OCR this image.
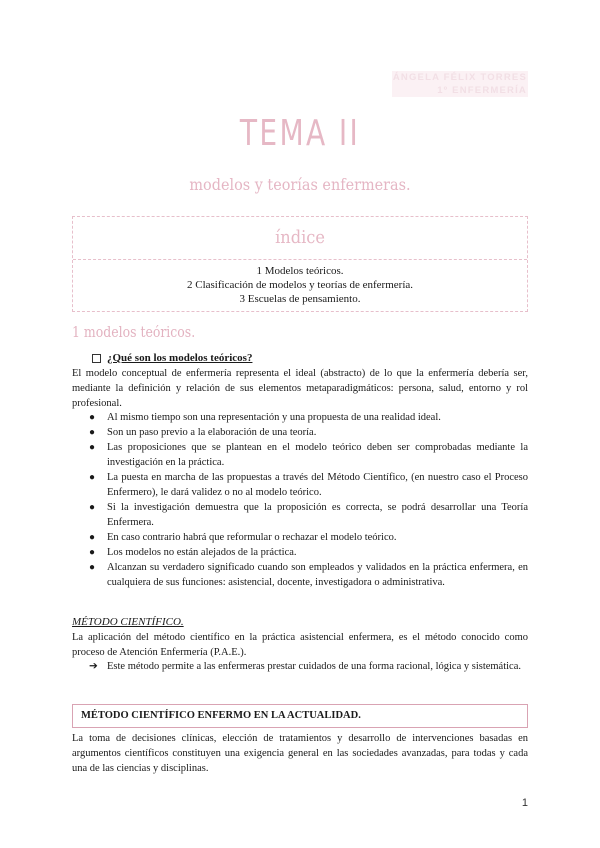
ÁNGELA FÉLIX TORRES
1º ENFERMERÍA
TEMA II
modelos y teorías enfermeras.
índice
1 Modelos teóricos.
2 Clasificación de modelos y teorías de enfermería.
3 Escuelas de pensamiento.
1 modelos teóricos.
¿Qué son los modelos teóricos?
El modelo conceptual de enfermería representa el ideal (abstracto) de lo que la enfermería debería ser, mediante la definición y relación de sus elementos metaparadigmáticos: persona, salud, entorno y rol profesional.
● Al mismo tiempo son una representación y una propuesta de una realidad ideal.
● Son un paso previo a la elaboración de una teoría.
● Las proposiciones que se plantean en el modelo teórico deben ser comprobadas mediante la investigación en la práctica.
● La puesta en marcha de las propuestas a través del Método Científico, (en nuestro caso el Proceso Enfermero), le dará validez o no al modelo teórico.
● Si la investigación demuestra que la proposición es correcta, se podrá desarrollar una Teoría Enfermera.
● En caso contrario habrá que reformular o rechazar el modelo teórico.
● Los modelos no están alejados de la práctica.
● Alcanzan su verdadero significado cuando son empleados y validados en la práctica enfermera, en cualquiera de sus funciones: asistencial, docente, investigadora o administrativa.
MÉTODO CIENTÍFICO.
La aplicación del método científico en la práctica asistencial enfermera, es el método conocido como proceso de Atención Enfermería (P.A.E.).
➔ Este método permite a las enfermeras prestar cuidados de una forma racional, lógica y sistemática.
MÉTODO CIENTÍFICO ENFERMO EN LA ACTUALIDAD.
La toma de decisiones clínicas, elección de tratamientos y desarrollo de intervenciones basadas en argumentos científicos constituyen una exigencia general en las sociedades avanzadas, para todas y cada una de las ciencias y disciplinas.
1
